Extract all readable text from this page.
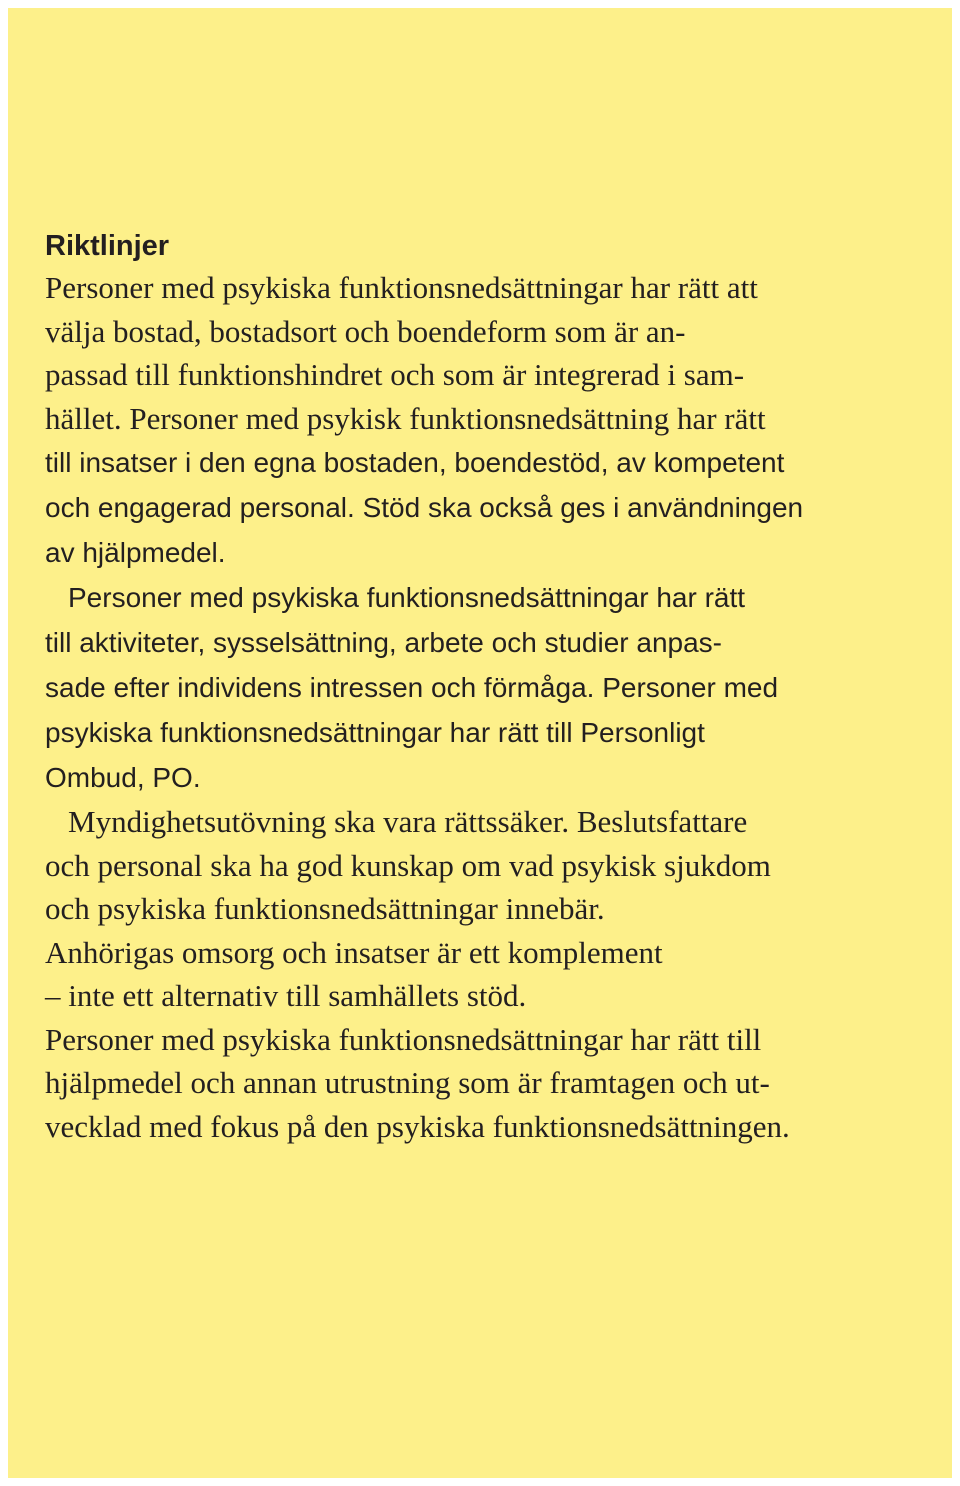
Riktlinjer
Personer med psykiska funktionsnedsättningar har rätt att
välja bostad, bostadsort och boendeform som är an-
passad till funktionshindret och som är integrerad i sam-
hället. Personer med psykisk funktionsnedsättning har rätt
till insatser i den egna bostaden, boendestöd, av kompetent
och engagerad personal. Stöd ska också ges i användningen
av hjälpmedel.
Personer med psykiska funktionsnedsättningar har rätt
till aktiviteter, sysselsättning, arbete och studier anpas-
sade efter individens intressen och förmåga. Personer med
psykiska funktionsnedsättningar har rätt till Personligt
Ombud, PO.
Myndighetsutövning ska vara rättssäker. Beslutsfattare
och personal ska ha god kunskap om vad psykisk sjukdom
och psykiska funktionsnedsättningar innebär.
Anhörigas omsorg och insatser är ett komplement
– inte ett alternativ till samhällets stöd.
Personer med psykiska funktionsnedsättningar har rätt till
hjälpmedel och annan utrustning som är framtagen och ut-
vecklad med fokus på den psykiska funktionsnedsättningen.
